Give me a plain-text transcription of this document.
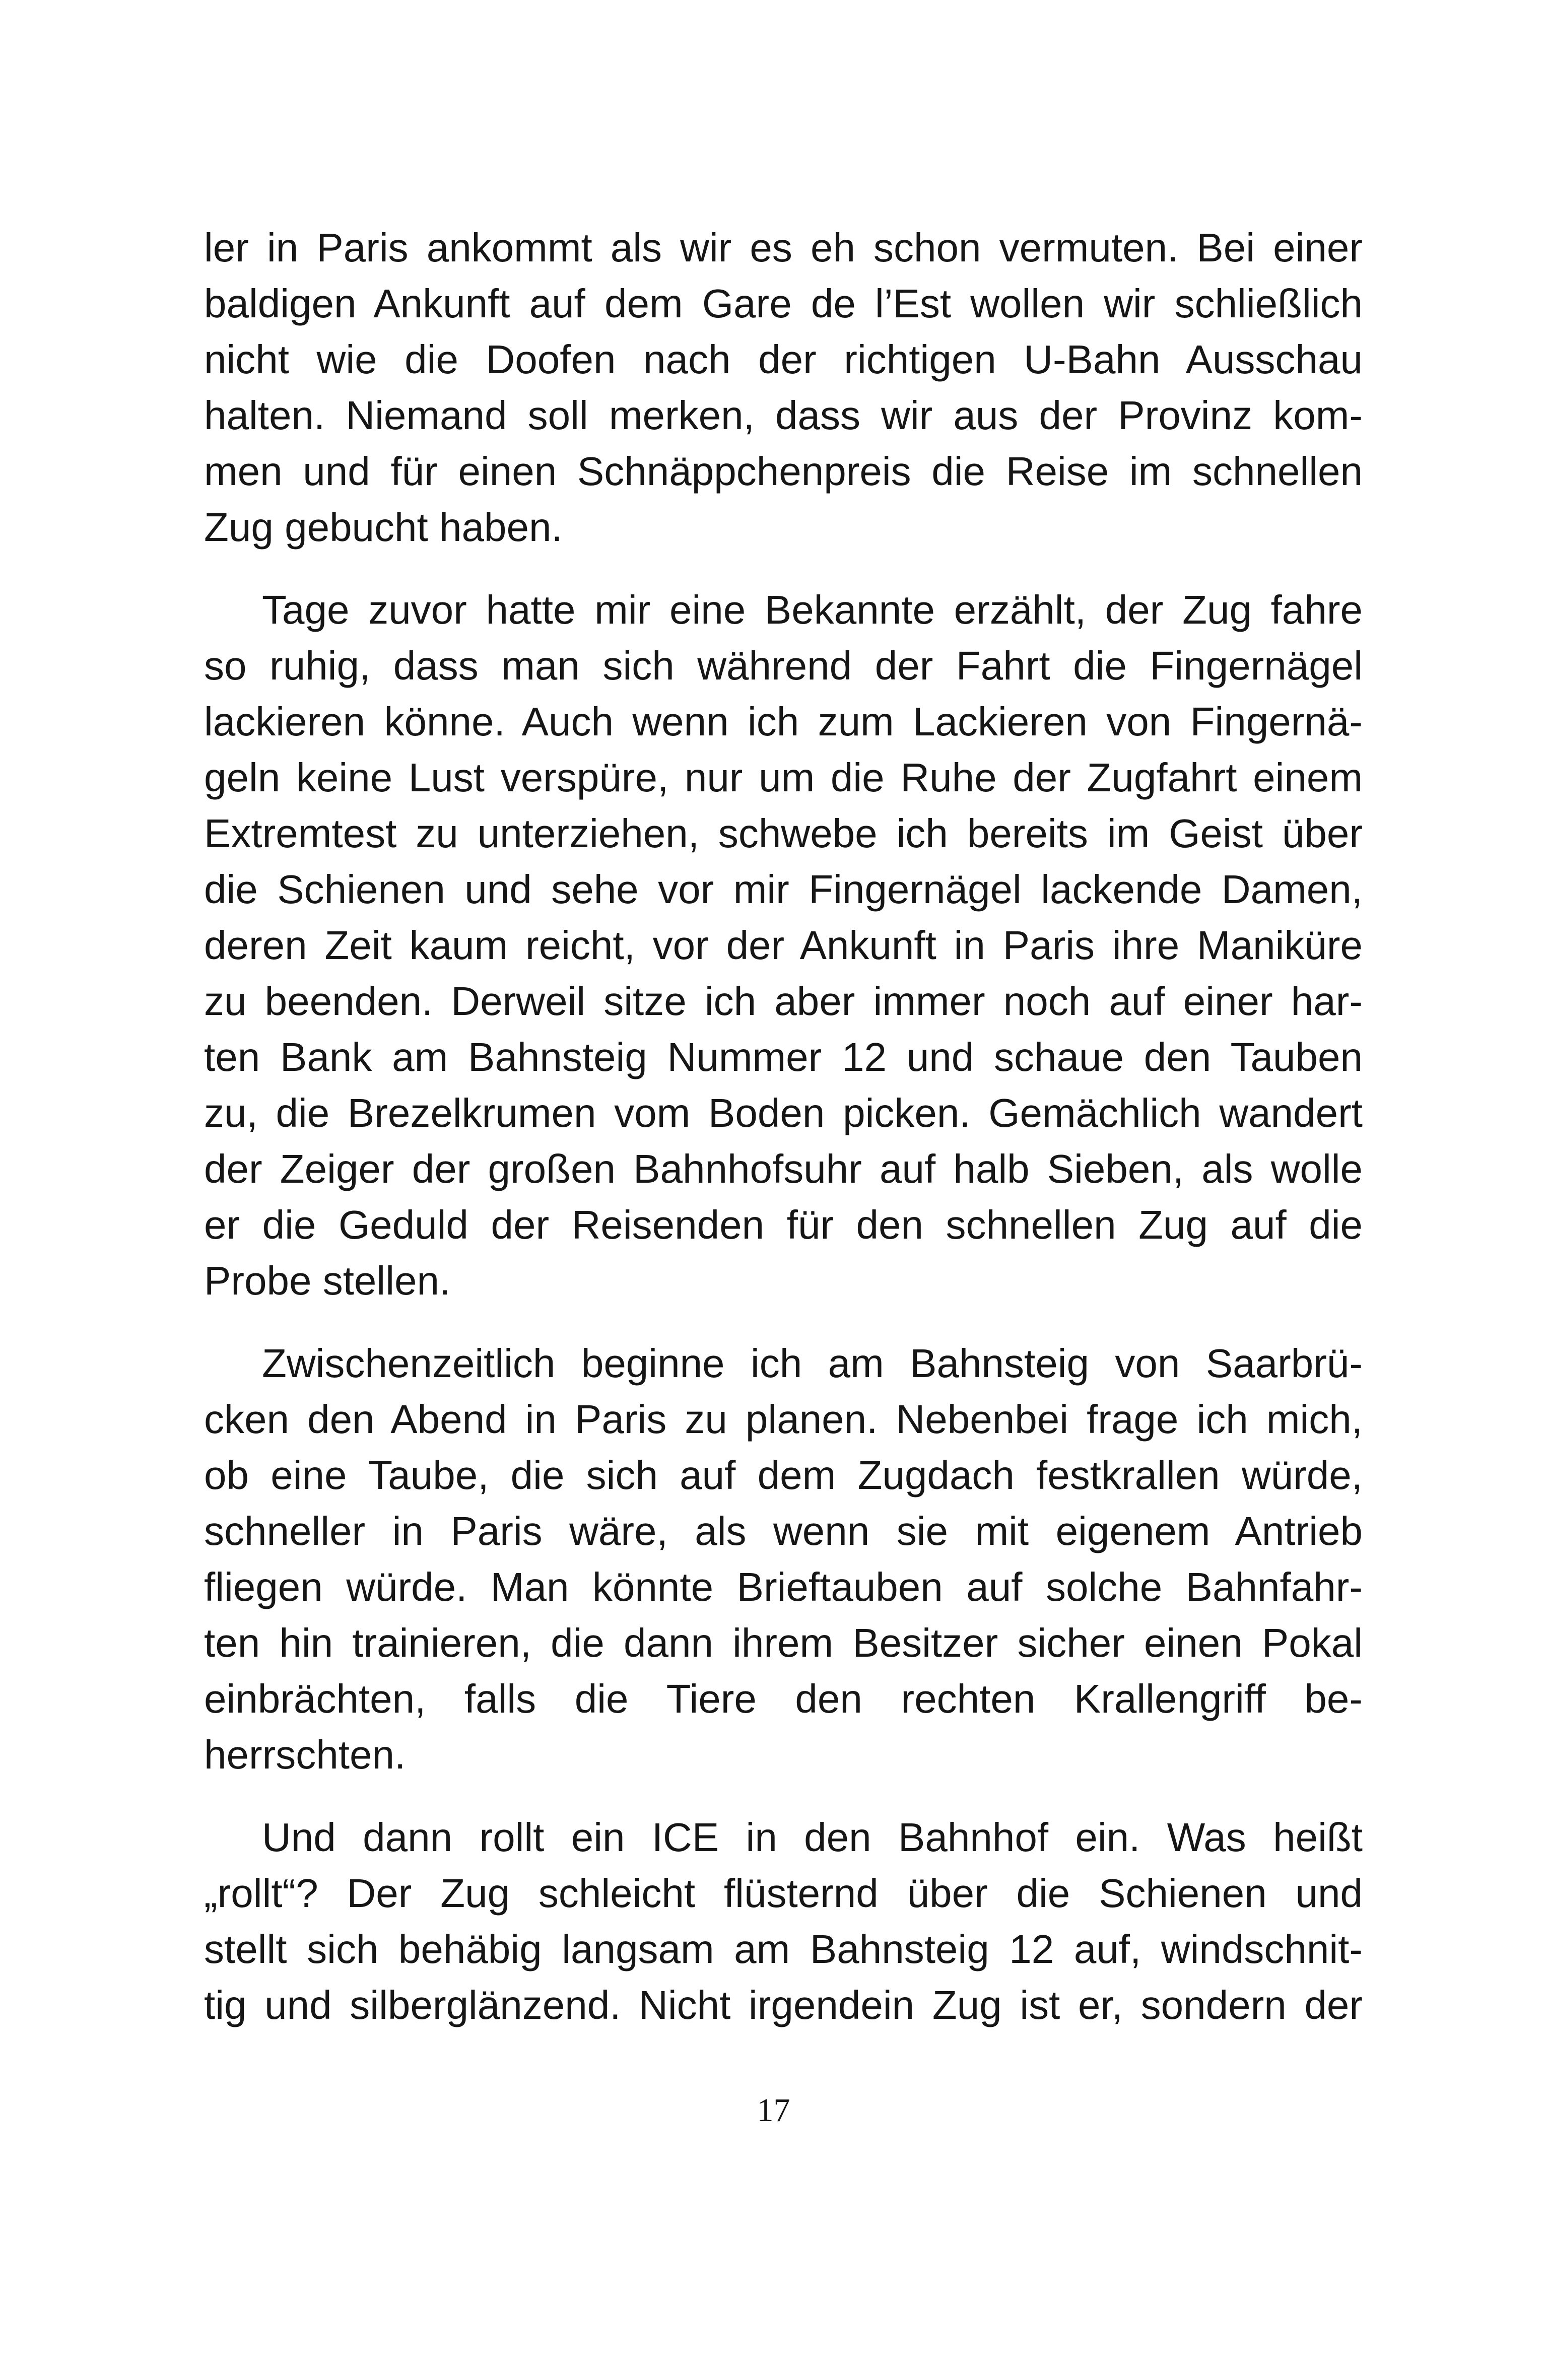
ler in Paris ankommt als wir es eh schon vermuten. Bei einer
baldigen Ankunft auf dem Gare de l’Est wollen wir schließlich
nicht wie die Doofen nach der richtigen U-Bahn Ausschau
halten. Niemand soll merken, dass wir aus der Provinz kom-
men und für einen Schnäppchenpreis die Reise im schnellen
Zug gebucht haben.
Tage zuvor hatte mir eine Bekannte erzählt, der Zug fahre
so ruhig, dass man sich während der Fahrt die Fingernägel
lackieren könne. Auch wenn ich zum Lackieren von Fingernä-
geln keine Lust verspüre, nur um die Ruhe der Zugfahrt einem
Extremtest zu unterziehen, schwebe ich bereits im Geist über
die Schienen und sehe vor mir Fingernägel lackende Damen,
deren Zeit kaum reicht, vor der Ankunft in Paris ihre Maniküre
zu beenden. Derweil sitze ich aber immer noch auf einer har-
ten Bank am Bahnsteig Nummer 12 und schaue den Tauben
zu, die Brezelkrumen vom Boden picken. Gemächlich wandert
der Zeiger der großen Bahnhofsuhr auf halb Sieben, als wolle
er die Geduld der Reisenden für den schnellen Zug auf die
Probe stellen.
Zwischenzeitlich beginne ich am Bahnsteig von Saarbrü-
cken den Abend in Paris zu planen. Nebenbei frage ich mich,
ob eine Taube, die sich auf dem Zugdach festkrallen würde,
schneller in Paris wäre, als wenn sie mit eigenem Antrieb
fliegen würde. Man könnte Brieftauben auf solche Bahnfahr-
ten hin trainieren, die dann ihrem Besitzer sicher einen Pokal
einbrächten, falls die Tiere den rechten Krallengriff be-
herrschten.
Und dann rollt ein ICE in den Bahnhof ein. Was heißt
„rollt“? Der Zug schleicht flüsternd über die Schienen und
stellt sich behäbig langsam am Bahnsteig 12 auf, windschnit-
tig und silberglänzend. Nicht irgendein Zug ist er, sondern der
17
